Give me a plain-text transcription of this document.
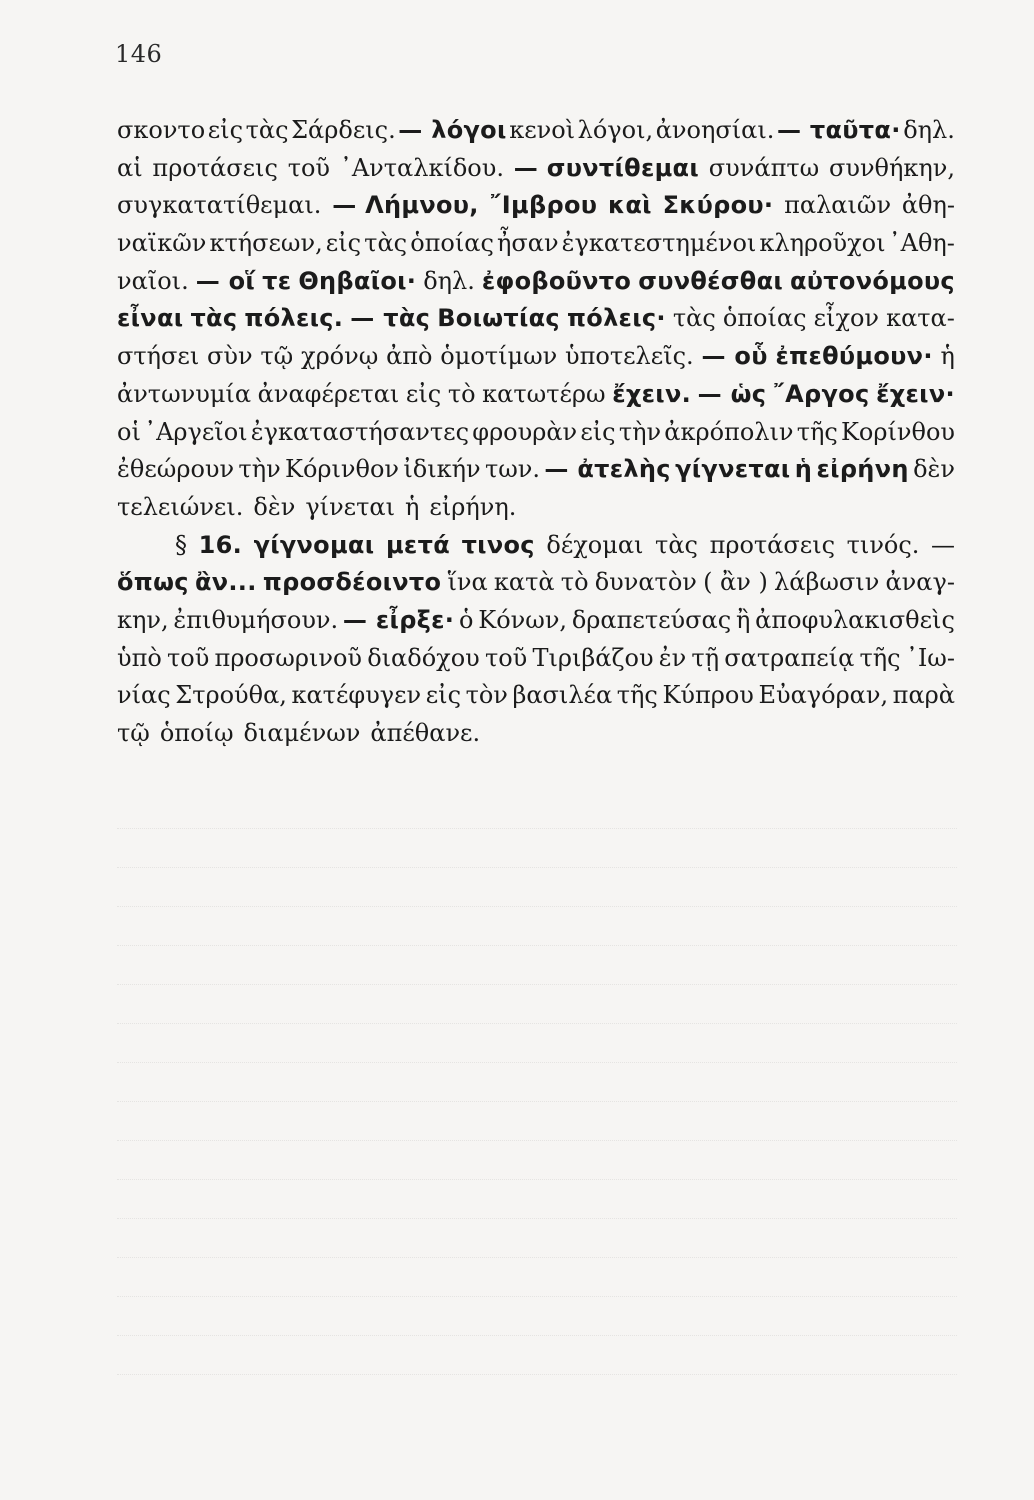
146
σκοντο εἰς τὰς Σάρδεις. — λόγοι κενοὶ λόγοι, ἀνοησίαι. — ταῦτα· δηλ.
αἱ προτάσεις τοῦ ᾿Ανταλκίδου. — συντίθεμαι συνάπτω συνθήκην,
συγκατατίθεμαι. — Λήμνου, ῎Ιμβρου καὶ Σκύρου· παλαιῶν ἀθη-
ναϊκῶν κτήσεων, εἰς τὰς ὁποίας ἦσαν ἐγκατεστημένοι κληροῦχοι ᾿Αθη-
ναῖοι. — οἵ τε Θηβαῖοι· δηλ. ἐφοβοῦντο συνθέσθαι αὐτονόμους
εἶναι τὰς πόλεις. — τὰς Βοιωτίας πόλεις· τὰς ὁποίας εἶχον κατα-
στήσει σὺν τῷ χρόνῳ ἀπὸ ὁμοτίμων ὑποτελεῖς. — οὗ ἐπεθύμουν· ἡ
ἀντωνυμία ἀναφέρεται εἰς τὸ κατωτέρω ἔχειν. — ὡς ῎Αργος ἔχειν·
οἱ ᾿Αργεῖοι ἐγκαταστήσαντες φρουρὰν εἰς τὴν ἀκρόπολιν τῆς Κορίνθου
ἐθεώρουν τὴν Κόρινθον ἰδικήν των. — ἀτελὴς γίγνεται ἡ εἰρήνη δὲν
τελειώνει. δὲν γίνεται ἡ εἰρήνη.
§ 16. γίγνομαι μετά τινος δέχομαι τὰς προτάσεις τινός. —
ὅπως ἂν... προσδέοιντο ἵνα κατὰ τὸ δυνατὸν ( ἂν ) λάβωσιν ἀναγ-
κην, ἐπιθυμήσουν. — εἶρξε· ὁ Κόνων, δραπετεύσας ἢ ἀποφυλακισθεὶς
ὑπὸ τοῦ προσωρινοῦ διαδόχου τοῦ Τιριβάζου ἐν τῇ σατραπείᾳ τῆς ᾿Ιω-
νίας Στρούθα, κατέφυγεν εἰς τὸν βασιλέα τῆς Κύπρου Εὐαγόραν, παρὰ
τῷ ὁποίῳ διαμένων ἀπέθανε.
